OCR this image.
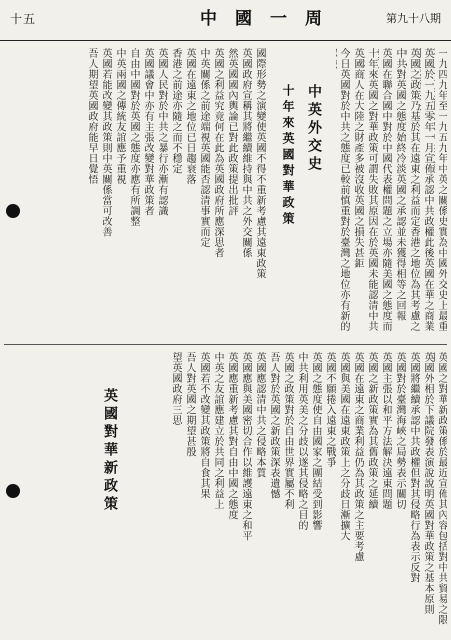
十五	中 國 一 周	第九十八期
中英外交史
十年來英國對華政策
一九四九年至一九五九年中英之關係史實為中國外交史上最重
英國於一九五零年一月宣佈承認中共政權此後英國在華之商業
英國之政策乃基於其在遠東之利益而定香港之地位為其考慮之
中共對英國之態度始終冷淡英國之承認並未獲得相等之回報
英國在聯合國中對於中國代表權問題之立場亦隨美國之態度而
十年來英國之對華政策可謂失敗其原因在於英國未能認清中共
英國商人在大陸之財產多被沒收英國之損失甚鉅
今日英國對於中共之態度已較前慎重對於臺灣之地位亦有新的
國際形勢之演變使英國不得不重新考慮其遠東政策
英國政府宣稱其將繼續維持與中共之外交關係
然英國國內輿論已對此政策提出批評
英國之利益究竟何在此為英國政府所應深思者
中英關係之前途端視英國能否認清事實而定
英國在遠東之地位已日趨衰落
香港之前途亦隨之而不穩定
英國人民對於中共之暴行亦漸有認識
英國議會中亦有主張改變對華政策者
自由中國對於英國之態度亦應有所調整
中英兩國之傳統友誼應予重視
英國若能改變其政策則中英關係當可改善
吾人期望英國政府能早日覺悟
英國對華新政策
英國之對華新政策係於最近宣佈其內容包括對中共貿易之限
英國外相於下議院發表演說說明英國對華政策之基本原則
英國將繼續承認中共政權但對其侵略行為表示反對
英國對於臺灣海峽之局勢表示關切
英國主張以和平方法解決遠東問題
英國之新政策實為其舊政策之延續
英國在遠東之商業利益仍為其政策之主要考慮
英國與美國在遠東政策上之分歧日漸擴大
英國不願捲入遠東之戰爭
英國之態度使自由國家之團結受到影響
中共利用英美之分歧以遂其侵略之目的
英國之政策對於自由世界實屬不利
吾人對於英國之新政策深表遺憾
英國應認清中共之侵略本質
英國應與美國密切合作以維護遠東之和平
英國應重新考慮其對自由中國之態度
中英之友誼應建立於共同之利益上
英國若不改變其政策將自食其果
吾人對英國之期望甚殷
望英國政府三思
